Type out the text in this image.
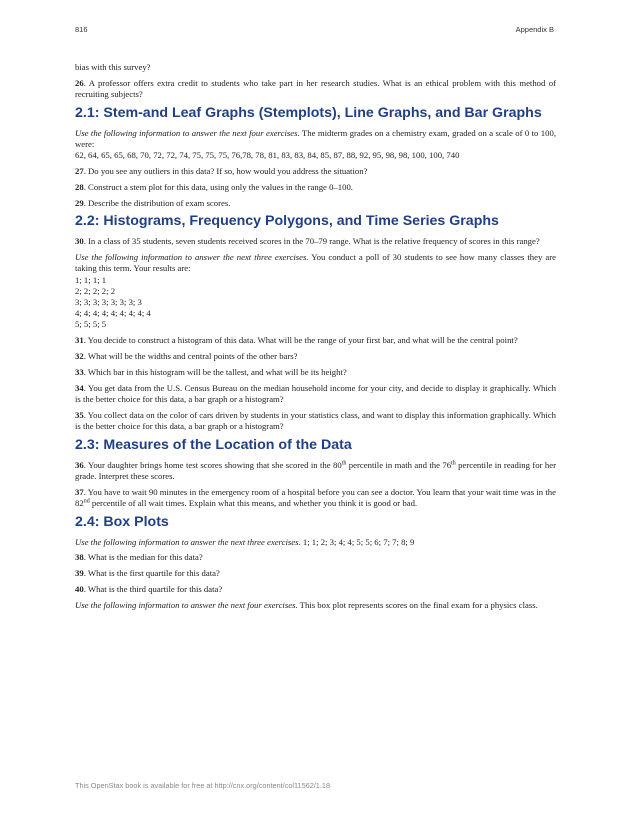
816	Appendix B

bias with this survey?

26. A professor offers extra credit to students who take part in her research studies. What is an ethical problem with this method of recruiting subjects?

2.1: Stem-and Leaf Graphs (Stemplots), Line Graphs, and Bar Graphs

Use the following information to answer the next four exercises. The midterm grades on a chemistry exam, graded on a scale of 0 to 100, were:

62, 64, 65, 65, 68, 70, 72, 72, 74, 75, 75, 75, 76,78, 78, 81, 83, 83, 84, 85, 87, 88, 92, 95, 98, 98, 100, 100, 740

27. Do you see any outliers in this data? If so, how would you address the situation?

28. Construct a stem plot for this data, using only the values in the range 0–100.

29. Describe the distribution of exam scores.

2.2: Histograms, Frequency Polygons, and Time Series Graphs

30. In a class of 35 students, seven students received scores in the 70–79 range. What is the relative frequency of scores in this range?

Use the following information to answer the next three exercises. You conduct a poll of 30 students to see how many classes they are taking this term. Your results are:

1; 1; 1; 1

2; 2; 2; 2; 2

3; 3; 3; 3; 3; 3; 3; 3

4; 4; 4; 4; 4; 4; 4; 4; 4

5; 5; 5; 5

31. You decide to construct a histogram of this data. What will be the range of your first bar, and what will be the central point?

32. What will be the widths and central points of the other bars?

33. Which bar in this histogram will be the tallest, and what will be its height?

34. You get data from the U.S. Census Bureau on the median household income for your city, and decide to display it graphically. Which is the better choice for this data, a bar graph or a histogram?

35. You collect data on the color of cars driven by students in your statistics class, and want to display this information graphically. Which is the better choice for this data, a bar graph or a histogram?

2.3: Measures of the Location of the Data

36. Your daughter brings home test scores showing that she scored in the 80th percentile in math and the 76th percentile in reading for her grade. Interpret these scores.

37. You have to wait 90 minutes in the emergency room of a hospital before you can see a doctor. You learn that your wait time was in the 82nd percentile of all wait times. Explain what this means, and whether you think it is good or bad.

2.4: Box Plots

Use the following information to answer the next three exercises. 1; 1; 2; 3; 4; 4; 5; 5; 6; 7; 7; 8; 9

38. What is the median for this data?

39. What is the first quartile for this data?

40. What is the third quartile for this data?

Use the following information to answer the next four exercises. This box plot represents scores on the final exam for a physics class.

This OpenStax book is available for free at http://cnx.org/content/col11562/1.18
